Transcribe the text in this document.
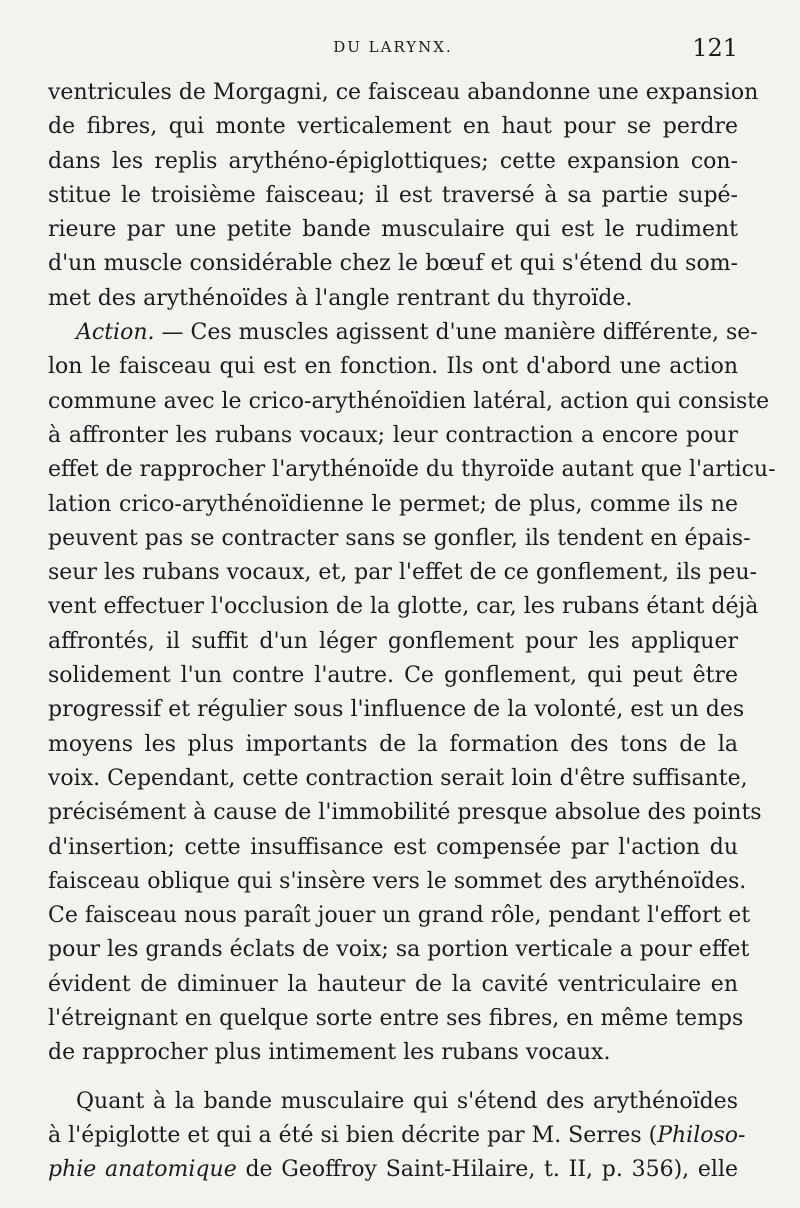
DU LARYNX.	121

ventricules de Morgagni, ce faisceau abandonne une expansion
de fibres, qui monte verticalement en haut pour se perdre
dans les replis arythéno-épiglottiques; cette expansion con-
stitue le troisième faisceau; il est traversé à sa partie supé-
rieure par une petite bande musculaire qui est le rudiment
d'un muscle considérable chez le bœuf et qui s'étend du som-
met des arythénoïdes à l'angle rentrant du thyroïde.

Action. — Ces muscles agissent d'une manière différente, se-
lon le faisceau qui est en fonction. Ils ont d'abord une action
commune avec le crico-arythénoïdien latéral, action qui consiste
à affronter les rubans vocaux; leur contraction a encore pour
effet de rapprocher l'arythénoïde du thyroïde autant que l'articu-
lation crico-arythénoïdienne le permet; de plus, comme ils ne
peuvent pas se contracter sans se gonfler, ils tendent en épais-
seur les rubans vocaux, et, par l'effet de ce gonflement, ils peu-
vent effectuer l'occlusion de la glotte, car, les rubans étant déjà
affrontés, il suffit d'un léger gonflement pour les appliquer
solidement l'un contre l'autre. Ce gonflement, qui peut être
progressif et régulier sous l'influence de la volonté, est un des
moyens les plus importants de la formation des tons de la
voix. Cependant, cette contraction serait loin d'être suffisante,
précisément à cause de l'immobilité presque absolue des points
d'insertion; cette insuffisance est compensée par l'action du
faisceau oblique qui s'insère vers le sommet des arythénoïdes.
Ce faisceau nous paraît jouer un grand rôle, pendant l'effort et
pour les grands éclats de voix; sa portion verticale a pour effet
évident de diminuer la hauteur de la cavité ventriculaire en
l'étreignant en quelque sorte entre ses fibres, en même temps
de rapprocher plus intimement les rubans vocaux.

Quant à la bande musculaire qui s'étend des arythénoïdes
à l'épiglotte et qui a été si bien décrite par M. Serres (Philoso-
phie anatomique de Geoffroy Saint-Hilaire, t. II, p. 356), elle
